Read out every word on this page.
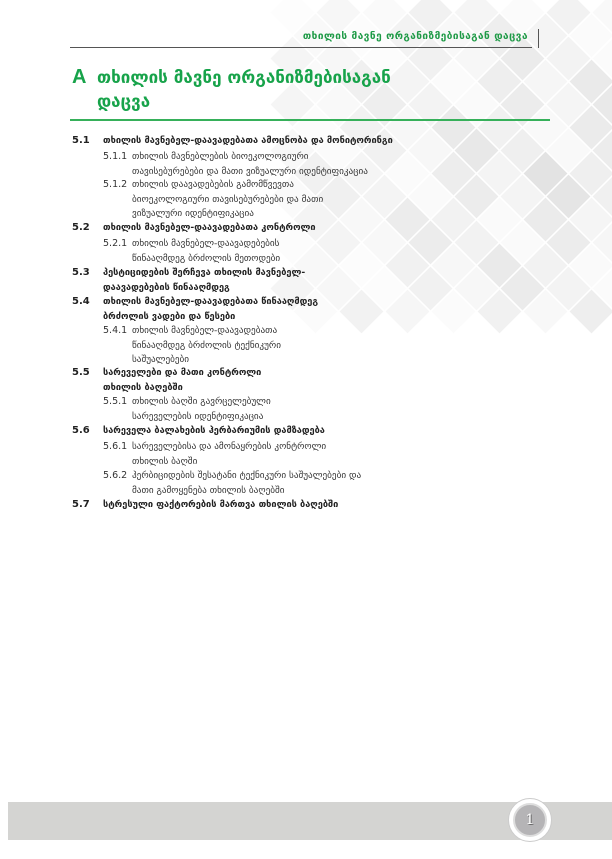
თხილის მავნე ორგანიზმებისაგან დაცვა
A თხილის მავნე ორგანიზმებისაგან
დაცვა
5.1 თხილის მავნებელ-დაავადებათა ამოცნობა და მონიტორინგი
5.1.1 თხილის მავნებლების ბიოეკოლოგიური
თავისებურებები და მათი ვიზუალური იდენტიფიკაცია
5.1.2 თხილის დაავადებების გამომწვევთა
ბიოეკოლოგიური თავისებურებები და მათი
ვიზუალური იდენტიფიკაცია
5.2 თხილის მავნებელ-დაავადებათა კონტროლი
5.2.1 თხილის მავნებელ-დაავადებების
წინააღმდეგ ბრძოლის მეთოდები
5.3 პესტიციდების შერჩევა თხილის მავნებელ-
დაავადებების წინააღმდეგ
5.4 თხილის მავნებელ-დაავადებათა წინააღმდეგ
ბრძოლის ვადები და წესები
5.4.1 თხილის მავნებელ-დაავადებათა
წინააღმდეგ ბრძოლის ტექნიკური
საშუალებები
5.5 სარეველები და მათი კონტროლი
თხილის ბაღებში
5.5.1 თხილის ბაღში გავრცელებული
სარეველების იდენტიფიკაცია
5.6 სარეველა ბალახების ჰერბარიუმის დამზადება
5.6.1 სარეველებისა და ამონაყრების კონტროლი
თხილის ბაღში
5.6.2 ჰერბიციდების შესატანი ტექნიკური საშუალებები და
მათი გამოყენება თხილის ბაღებში
5.7 სტრესული ფაქტორების მართვა თხილის ბაღებში
1
